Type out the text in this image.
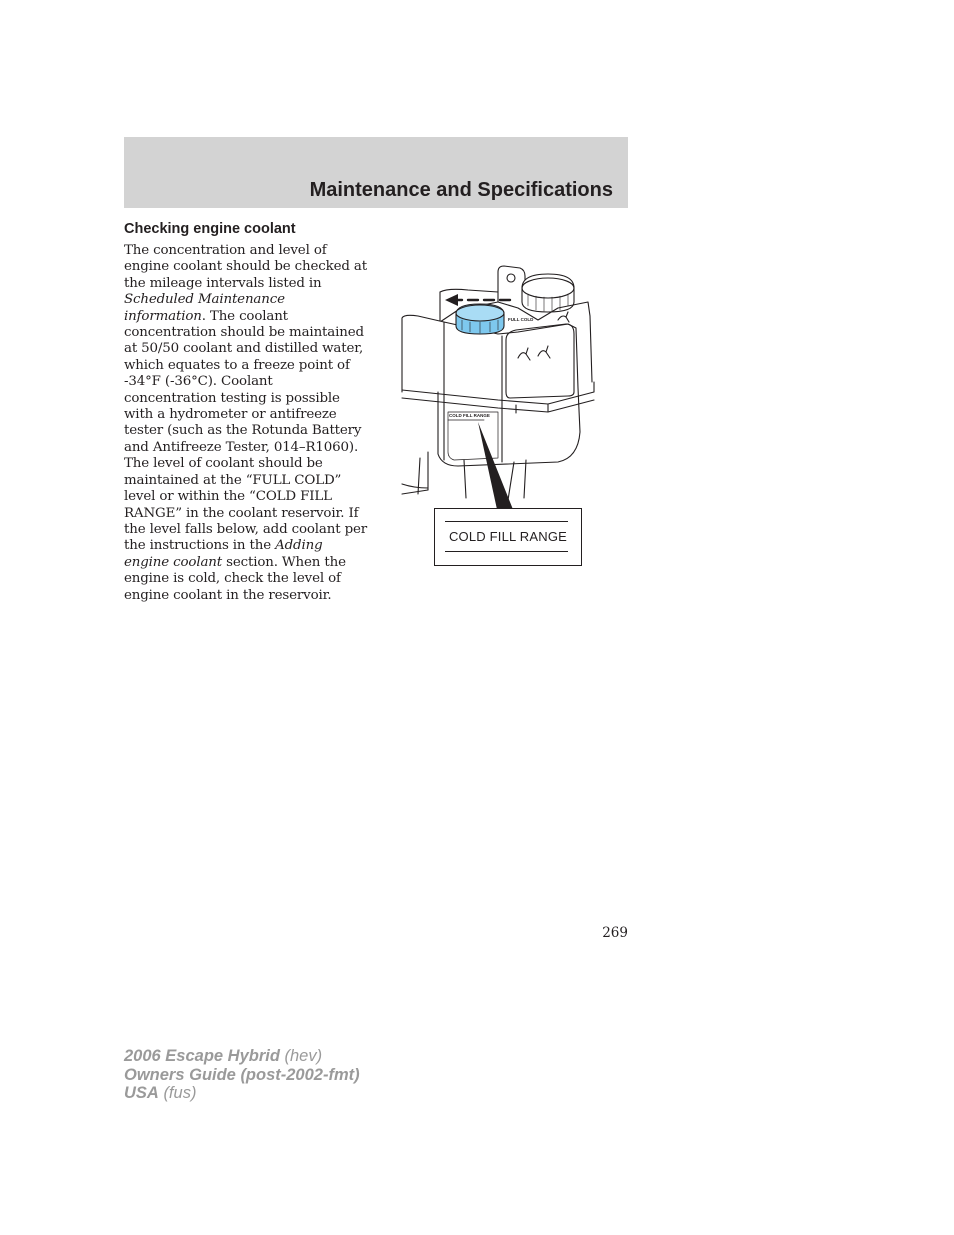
Maintenance and Specifications
Checking engine coolant

The concentration and level of
engine coolant should be checked at
the mileage intervals listed in
Scheduled Maintenance
information. The coolant
concentration should be maintained
at 50/50 coolant and distilled water,
which equates to a freeze point of
-34°F (-36°C). Coolant
concentration testing is possible
with a hydrometer or antifreeze
tester (such as the Rotunda Battery
and Antifreeze Tester, 014–R1060).
The level of coolant should be
maintained at the “FULL COLD”
level or within the “COLD FILL
RANGE” in the coolant reservoir. If
the level falls below, add coolant per
the instructions in the Adding
engine coolant section. When the
engine is cold, check the level of
engine coolant in the reservoir.

FULL COLD
COLD FILL RANGE
COLD FILL RANGE
269
2006 Escape Hybrid (hev)
Owners Guide (post-2002-fmt)
USA (fus)
